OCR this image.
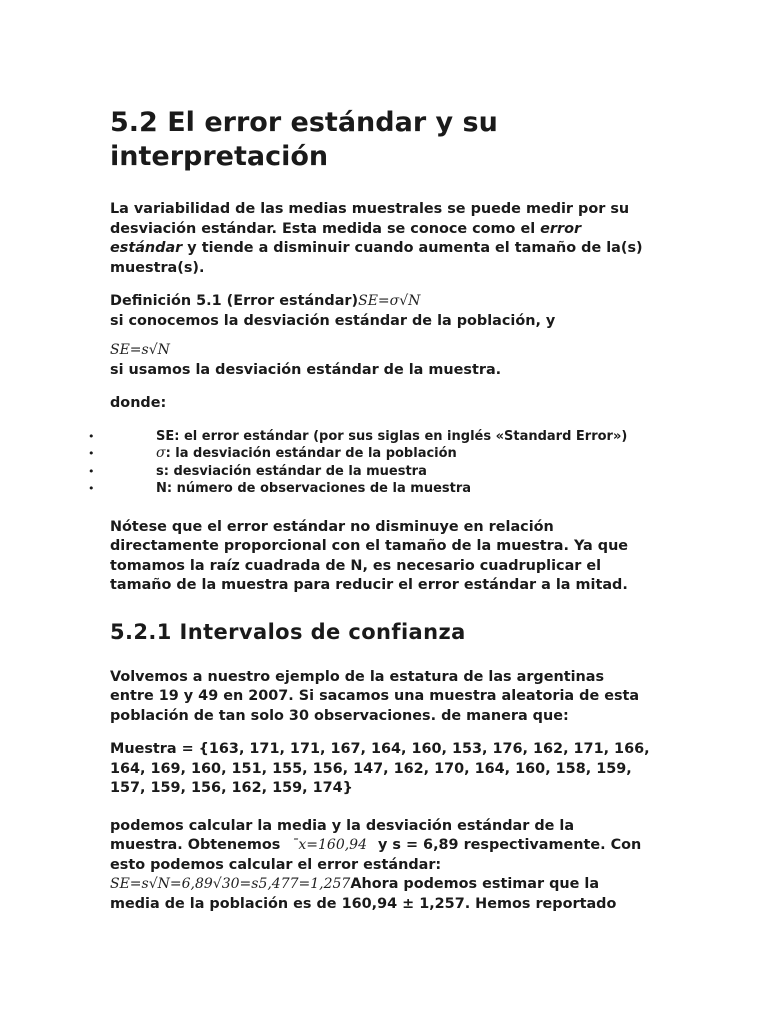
5.2 El error estándar y su interpretación

La variabilidad de las medias muestrales se puede medir por su desviación estándar. Esta medida se conoce como el error estándar y tiende a disminuir cuando aumenta el tamaño de la(s) muestra(s).

Definición 5.1 (Error estándar)SE=σ√N

si conocemos la desviación estándar de la población, y

SE=s√N

si usamos la desviación estándar de la muestra.

donde:

•	SE: el error estándar (por sus siglas en inglés «Standard Error»)
•	σ: la desviación estándar de la población
•	s: desviación estándar de la muestra
•	N: número de observaciones de la muestra

Nótese que el error estándar no disminuye en relación directamente proporcional con el tamaño de la muestra. Ya que tomamos la raíz cuadrada de N, es necesario cuadruplicar el tamaño de la muestra para reducir el error estándar a la mitad.

5.2.1 Intervalos de confianza

Volvemos a nuestro ejemplo de la estatura de las argentinas entre 19 y 49 en 2007. Si sacamos una muestra aleatoria de esta población de tan solo 30 observaciones. de manera que:

Muestra = {163, 171, 171, 167, 164, 160, 153, 176, 162, 171, 166, 164, 169, 160, 151, 155, 156, 147, 162, 170, 164, 160, 158, 159, 157, 159, 156, 162, 159, 174}

podemos calcular la media y la desviación estándar de la muestra. Obtenemos ¯x=160,94 y s = 6,89 respectivamente. Con esto podemos calcular el error estándar: SE=s√N=6,89√30=s5,477=1,257Ahora podemos estimar que la media de la población es de 160,94 ± 1,257. Hemos reportado
